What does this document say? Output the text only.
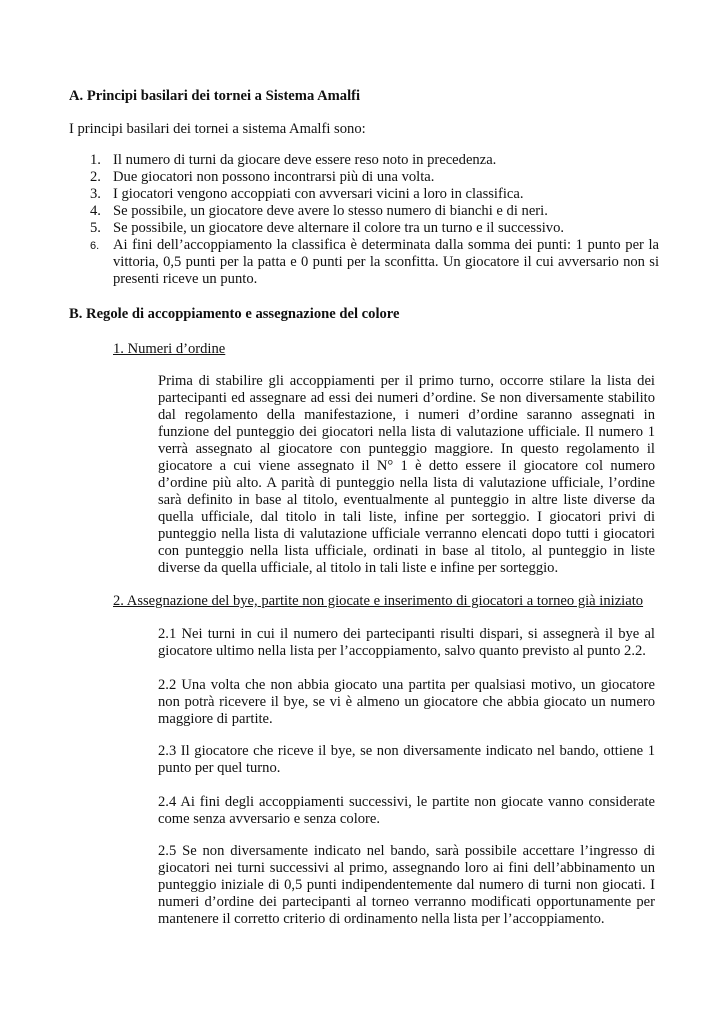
A. Principi basilari dei tornei a Sistema Amalfi
I principi basilari dei tornei a sistema Amalfi sono:
1. Il numero di turni da giocare deve essere reso noto in precedenza.
2. Due giocatori non possono incontrarsi più di una volta.
3. I giocatori vengono accoppiati con avversari vicini a loro in classifica.
4. Se possibile, un giocatore deve avere lo stesso numero di bianchi e di neri.
5. Se possibile, un giocatore deve alternare il colore tra un turno e il successivo.
6. Ai fini dell’accoppiamento la classifica è determinata dalla somma dei punti: 1 punto per la vittoria, 0,5 punti per la patta e 0 punti per la sconfitta. Un giocatore il cui avversario non si presenti riceve un punto.
B. Regole di accoppiamento e assegnazione del colore
1. Numeri d’ordine

Prima di stabilire gli accoppiamenti per il primo turno, occorre stilare la lista dei partecipanti ed assegnare ad essi dei numeri d’ordine. Se non diversamente stabilito dal regolamento della manifestazione, i numeri d’ordine saranno assegnati in funzione del punteggio dei giocatori nella lista di valutazione ufficiale. Il numero 1 verrà assegnato al giocatore con punteggio maggiore. In questo regolamento il giocatore a cui viene assegnato il N° 1 è detto essere il giocatore col numero d’ordine più alto. A parità di punteggio nella lista di valutazione ufficiale, l’ordine sarà definito in base al titolo, eventualmente al punteggio in altre liste diverse da quella ufficiale, dal titolo in tali liste, infine per sorteggio. I giocatori privi di punteggio nella lista di valutazione ufficiale verranno elencati dopo tutti i giocatori con punteggio nella lista ufficiale, ordinati in base al titolo, al punteggio in liste diverse da quella ufficiale, al titolo in tali liste e infine per sorteggio.

2. Assegnazione del bye, partite non giocate e inserimento di giocatori a torneo già iniziato

2.1 Nei turni in cui il numero dei partecipanti risulti dispari, si assegnerà il bye al giocatore ultimo nella lista per l’accoppiamento, salvo quanto previsto al punto 2.2.

2.2 Una volta che non abbia giocato una partita per qualsiasi motivo, un giocatore non potrà ricevere il bye, se vi è almeno un giocatore che abbia giocato un numero maggiore di partite.

2.3 Il giocatore che riceve il bye, se non diversamente indicato nel bando, ottiene 1 punto per quel turno.

2.4 Ai fini degli accoppiamenti successivi, le partite non giocate vanno considerate come senza avversario e senza colore.

2.5 Se non diversamente indicato nel bando, sarà possibile accettare l’ingresso di giocatori nei turni successivi al primo, assegnando loro ai fini dell’abbinamento un punteggio iniziale di 0,5 punti indipendentemente dal numero di turni non giocati. I numeri d’ordine dei partecipanti al torneo verranno modificati opportunamente per mantenere il corretto criterio di ordinamento nella lista per l’accoppiamento.
